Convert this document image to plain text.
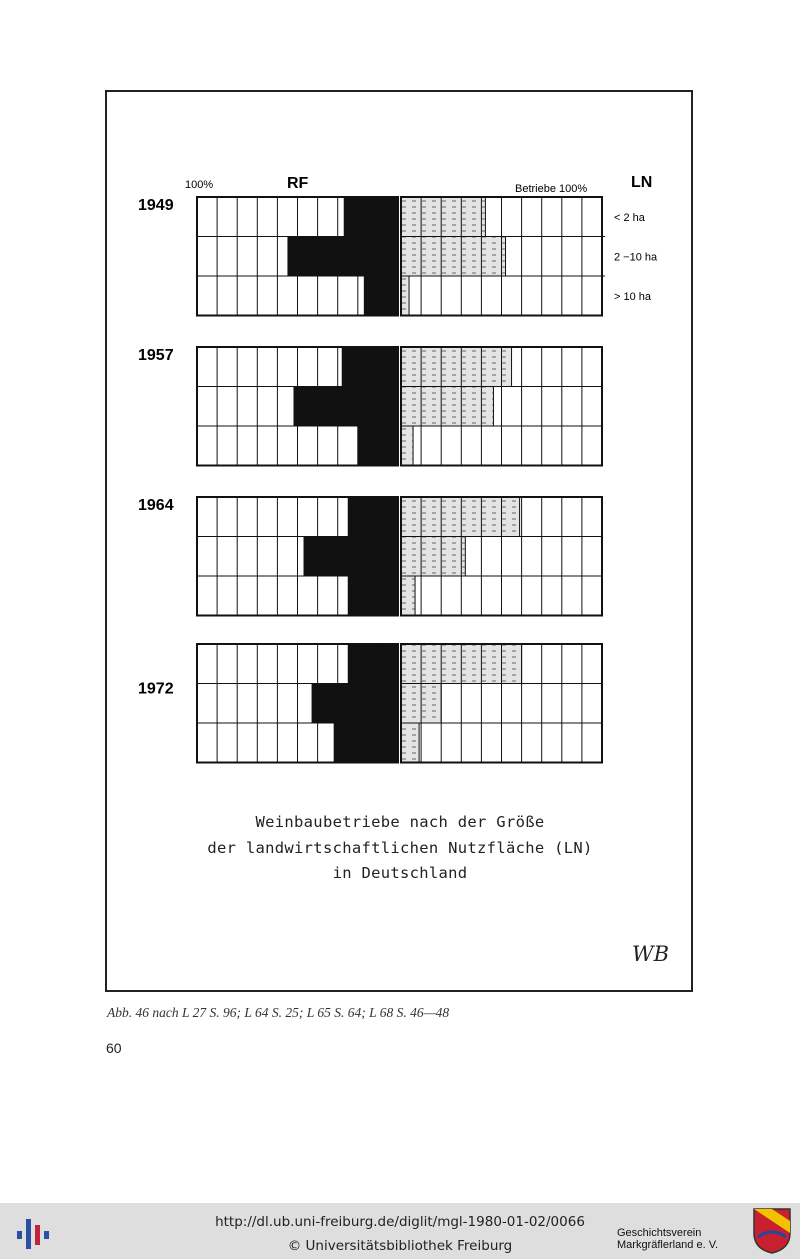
100%	RF	Betriebe 100%	LN
< 2 ha
2 −10 ha
> 10 ha
1949
1957
1964
1972
Weinbaubetriebe nach der Größe
der landwirtschaftlichen Nutzfläche (LN)
in Deutschland
WB
Abb. 46 nach L 27 S. 96; L 64 S. 25; L 65 S. 64; L 68 S. 46—48
60
http://dl.ub.uni-freiburg.de/diglit/mgl-1980-01-02/0066
© Universitätsbibliothek Freiburg
Geschichtsverein
Markgräflerland e. V.
